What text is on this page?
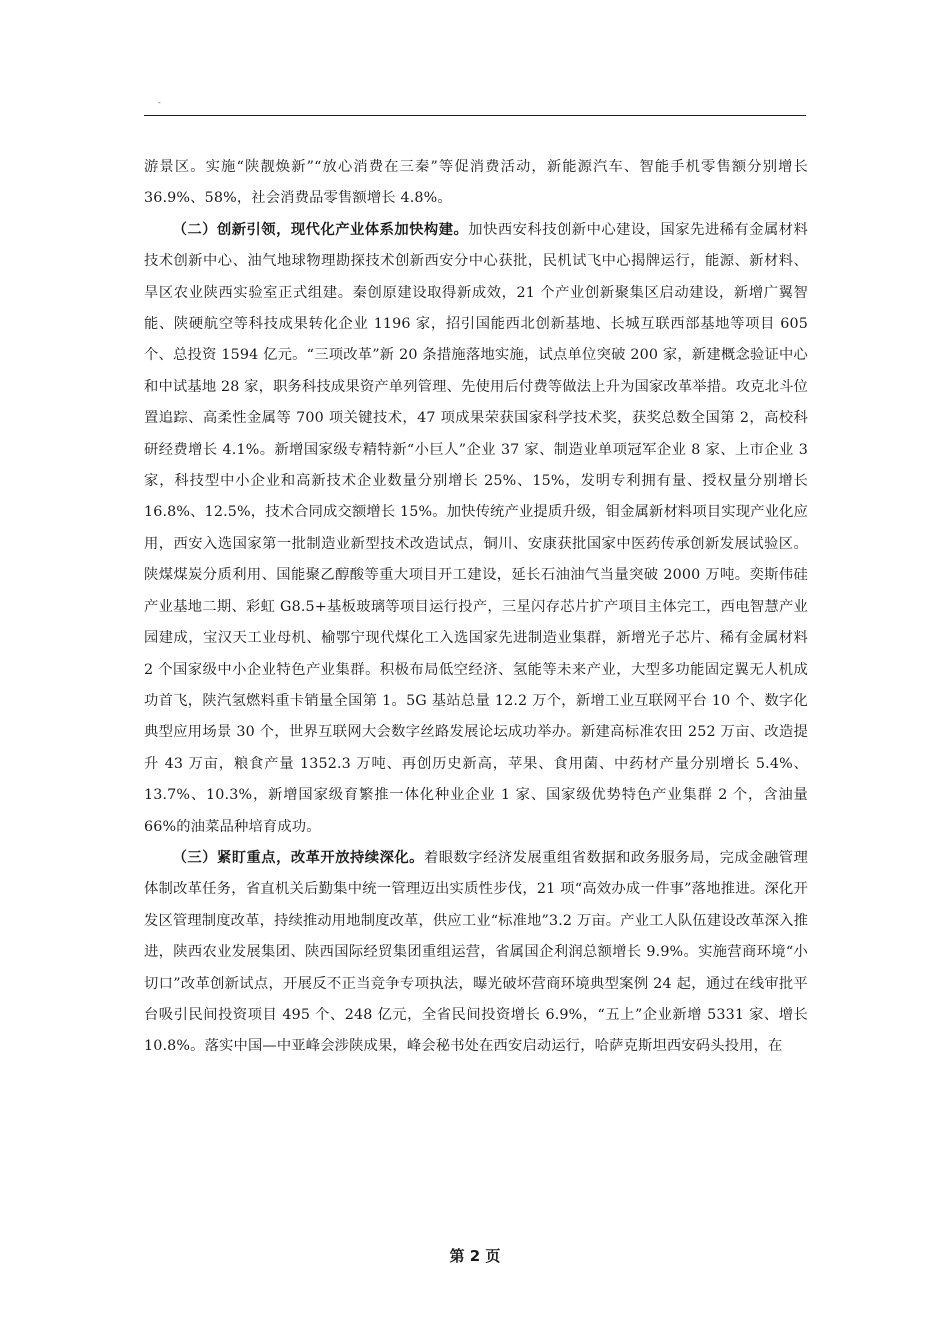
-

游景区。实施“陕靓焕新”“放心消费在三秦”等促消费活动，新能源汽车、智能手机零售额分别增长 36.9%、58%，社会消费品零售额增长 4.8%。

（二）创新引领，现代化产业体系加快构建。加快西安科技创新中心建设，国家先进稀有金属材料技术创新中心、油气地球物理勘探技术创新西安分中心获批，民机试飞中心揭牌运行，能源、新材料、旱区农业陕西实验室正式组建。秦创原建设取得新成效，21 个产业创新聚集区启动建设，新增广翼智能、陕硬航空等科技成果转化企业 1196 家，招引国能西北创新基地、长城互联西部基地等项目 605 个、总投资 1594 亿元。“三项改革”新 20 条措施落地实施，试点单位突破 200 家，新建概念验证中心和中试基地 28 家，职务科技成果资产单列管理、先使用后付费等做法上升为国家改革举措。攻克北斗位置追踪、高柔性金属等 700 项关键技术，47 项成果荣获国家科学技术奖，获奖总数全国第 2，高校科研经费增长 4.1%。新增国家级专精特新“小巨人”企业 37 家、制造业单项冠军企业 8 家、上市企业 3 家，科技型中小企业和高新技术企业数量分别增长 25%、15%，发明专利拥有量、授权量分别增长 16.8%、12.5%，技术合同成交额增长 15%。加快传统产业提质升级，钼金属新材料项目实现产业化应用，西安入选国家第一批制造业新型技术改造试点，铜川、安康获批国家中医药传承创新发展试验区。陕煤煤炭分质利用、国能聚乙醇酸等重大项目开工建设，延长石油油气当量突破 2000 万吨。奕斯伟硅产业基地二期、彩虹 G8.5+基板玻璃等项目运行投产，三星闪存芯片扩产项目主体完工，西电智慧产业园建成，宝汉天工业母机、榆鄂宁现代煤化工入选国家先进制造业集群，新增光子芯片、稀有金属材料 2 个国家级中小企业特色产业集群。积极布局低空经济、氢能等未来产业，大型多功能固定翼无人机成功首飞，陕汽氢燃料重卡销量全国第 1。5G 基站总量 12.2 万个，新增工业互联网平台 10 个、数字化典型应用场景 30 个，世界互联网大会数字丝路发展论坛成功举办。新建高标准农田 252 万亩、改造提升 43 万亩，粮食产量 1352.3 万吨、再创历史新高，苹果、食用菌、中药材产量分别增长 5.4%、13.7%、10.3%，新增国家级育繁推一体化种业企业 1 家、国家级优势特色产业集群 2 个，含油量 66%的油菜品种培育成功。

（三）紧盯重点，改革开放持续深化。着眼数字经济发展重组省数据和政务服务局，完成金融管理体制改革任务，省直机关后勤集中统一管理迈出实质性步伐，21 项“高效办成一件事”落地推进。深化开发区管理制度改革，持续推动用地制度改革，供应工业“标准地”3.2 万亩。产业工人队伍建设改革深入推进，陕西农业发展集团、陕西国际经贸集团重组运营，省属国企利润总额增长 9.9%。实施营商环境“小切口”改革创新试点，开展反不正当竞争专项执法，曝光破坏营商环境典型案例 24 起，通过在线审批平台吸引民间投资项目 495 个、248 亿元，全省民间投资增长 6.9%，“五上”企业新增 5331 家、增长 10.8%。落实中国—中亚峰会涉陕成果，峰会秘书处在西安启动运行，哈萨克斯坦西安码头投用，在

第 2 页
